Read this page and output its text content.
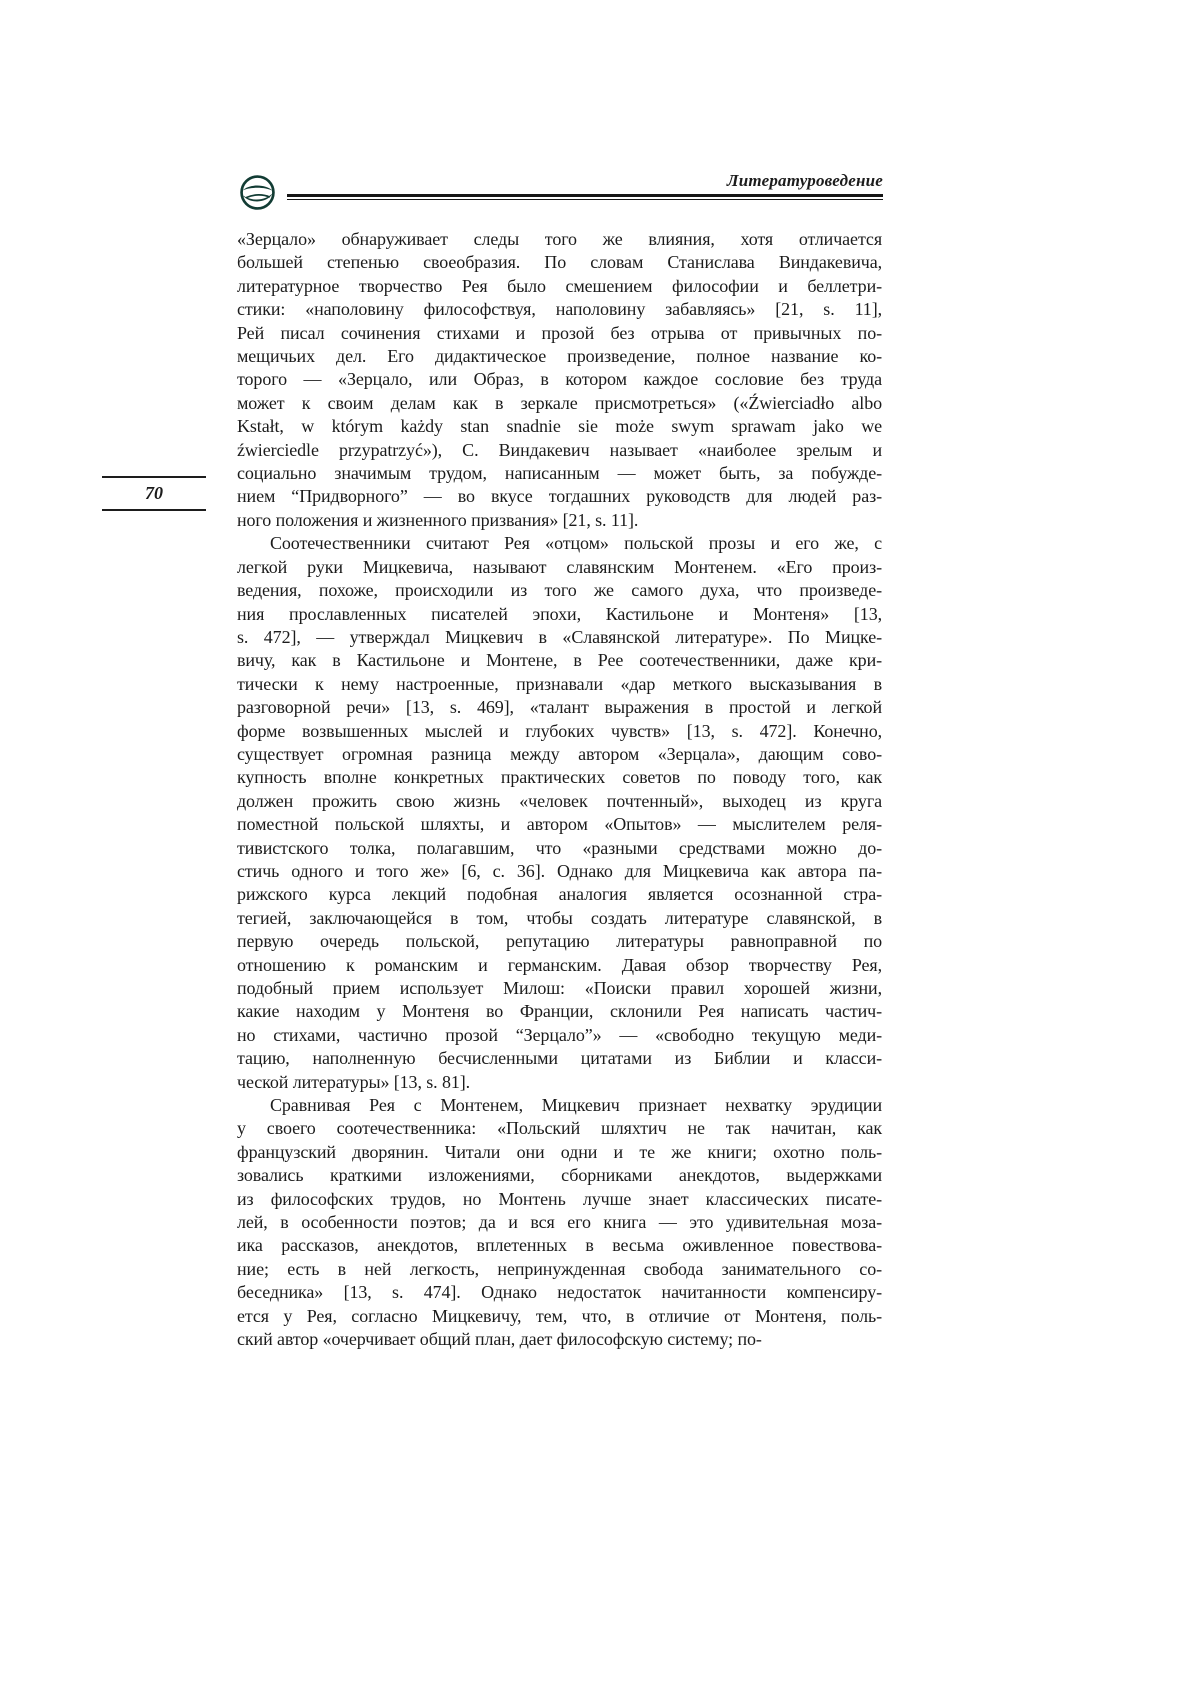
Литературоведение
70
«Зерцало» обнаруживает следы того же влияния, хотя отличается
большей степенью своеобразия. По словам Станислава Виндакевича,
литературное творчество Рея было смешением философии и беллетри-
стики: «наполовину философствуя, наполовину забавляясь» [21, s. 11],
Рей писал сочинения стихами и прозой без отрыва от привычных по-
мещичьих дел. Его дидактическое произведение, полное название ко-
торого — «Зерцало, или Образ, в котором каждое сословие без труда
может к своим делам как в зеркале присмотреться» («Źwierciadło albo
Kstałt, w którym każdy stan snadnie sie może swym sprawam jako we
źwierciedle przypatrzyć»), С. Виндакевич называет «наиболее зрелым и
социально значимым трудом, написанным — может быть, за побужде-
нием “Придворного” — во вкусе тогдашних руководств для людей раз-
ного положения и жизненного призвания» [21, s. 11].
Соотечественники считают Рея «отцом» польской прозы и его же, с
легкой руки Мицкевича, называют славянским Монтенем. «Его произ-
ведения, похоже, происходили из того же самого духа, что произведе-
ния прославленных писателей эпохи, Кастильоне и Монтеня» [13,
s. 472], — утверждал Мицкевич в «Славянской литературе». По Мицке-
вичу, как в Кастильоне и Монтене, в Рее соотечественники, даже кри-
тически к нему настроенные, признавали «дар меткого высказывания в
разговорной речи» [13, s. 469], «талант выражения в простой и легкой
форме возвышенных мыслей и глубоких чувств» [13, s. 472]. Конечно,
существует огромная разница между автором «Зерцала», дающим сово-
купность вполне конкретных практических советов по поводу того, как
должен прожить свою жизнь «человек почтенный», выходец из круга
поместной польской шляхты, и автором «Опытов» — мыслителем реля-
тивистского толка, полагавшим, что «разными средствами можно до-
стичь одного и того же» [6, с. 36]. Однако для Мицкевича как автора па-
рижского курса лекций подобная аналогия является осознанной стра-
тегией, заключающейся в том, чтобы создать литературе славянской, в
первую очередь польской, репутацию литературы равноправной по
отношению к романским и германским. Давая обзор творчеству Рея,
подобный прием использует Милош: «Поиски правил хорошей жизни,
какие находим у Монтеня во Франции, склонили Рея написать частич-
но стихами, частично прозой “Зерцало”» — «свободно текущую меди-
тацию, наполненную бесчисленными цитатами из Библии и класси-
ческой литературы» [13, s. 81].
Сравнивая Рея с Монтенем, Мицкевич признает нехватку эрудиции
у своего соотечественника: «Польский шляхтич не так начитан, как
французский дворянин. Читали они одни и те же книги; охотно поль-
зовались краткими изложениями, сборниками анекдотов, выдержками
из философских трудов, но Монтень лучше знает классических писате-
лей, в особенности поэтов; да и вся его книга — это удивительная моза-
ика рассказов, анекдотов, вплетенных в весьма оживленное повествова-
ние; есть в ней легкость, непринужденная свобода занимательного со-
беседника» [13, s. 474]. Однако недостаток начитанности компенсиру-
ется у Рея, согласно Мицкевичу, тем, что, в отличие от Монтеня, поль-
ский автор «очерчивает общий план, дает философскую систему; по-
